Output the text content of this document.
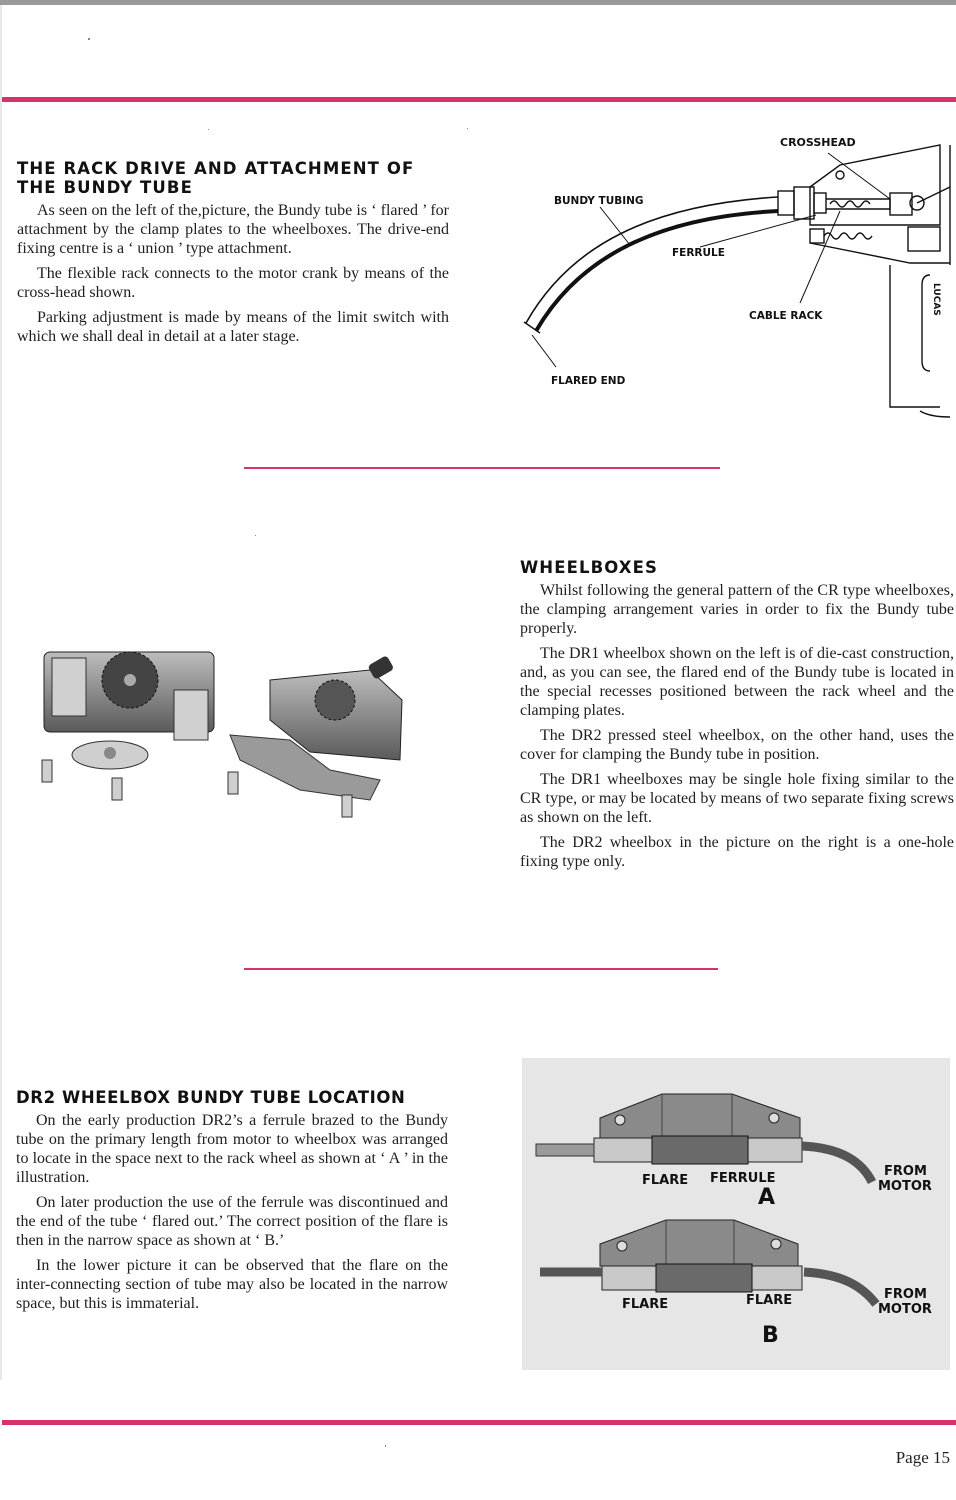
THE RACK DRIVE AND ATTACHMENT OF
THE BUNDY TUBE

As seen on the left of the,picture, the Bundy tube is ‘ flared ’ for attachment by the clamp plates to the wheelboxes. The drive-end fixing centre is a ‘ union ’ type attachment.

The flexible rack connects to the motor crank by means of the cross-head shown.

Parking adjustment is made by means of the limit switch with which we shall deal in detail at a later stage.

CROSSHEAD
BUNDY TUBING
FERRULE
CABLE RACK
FLARED END
LUCAS
WHEELBOXES

Whilst following the general pattern of the CR type wheelboxes, the clamping arrangement varies in order to fix the Bundy tube properly.

The DR1 wheelbox shown on the left is of die-cast construction, and, as you can see, the flared end of the Bundy tube is located in the special recesses positioned between the rack wheel and the clamping plates.

The DR2 pressed steel wheelbox, on the other hand, uses the cover for clamping the Bundy tube in position.

The DR1 wheelboxes may be single hole fixing similar to the CR type, or may be located by means of two separate fixing screws as shown on the left.

The DR2 wheelbox in the picture on the right is a one-hole fixing type only.

DR2 WHEELBOX BUNDY TUBE LOCATION

On the early production DR2’s a ferrule brazed to the Bundy tube on the primary length from motor to wheelbox was arranged to locate in the space next to the rack wheel as shown at ‘ A ’ in the illustration.

On later production the use of the ferrule was discontinued and the end of the tube ‘ flared out.’ The correct position of the flare is then in the narrow space as shown at ‘ B.’

In the lower picture it can be observed that the flare on the inter-connecting section of tube may also be located in the narrow space, but this is immaterial.

FLARE FERRULE	FROM
MOTOR
A
FLARE	FLARE	FROM
MOTOR
B
Page 15
